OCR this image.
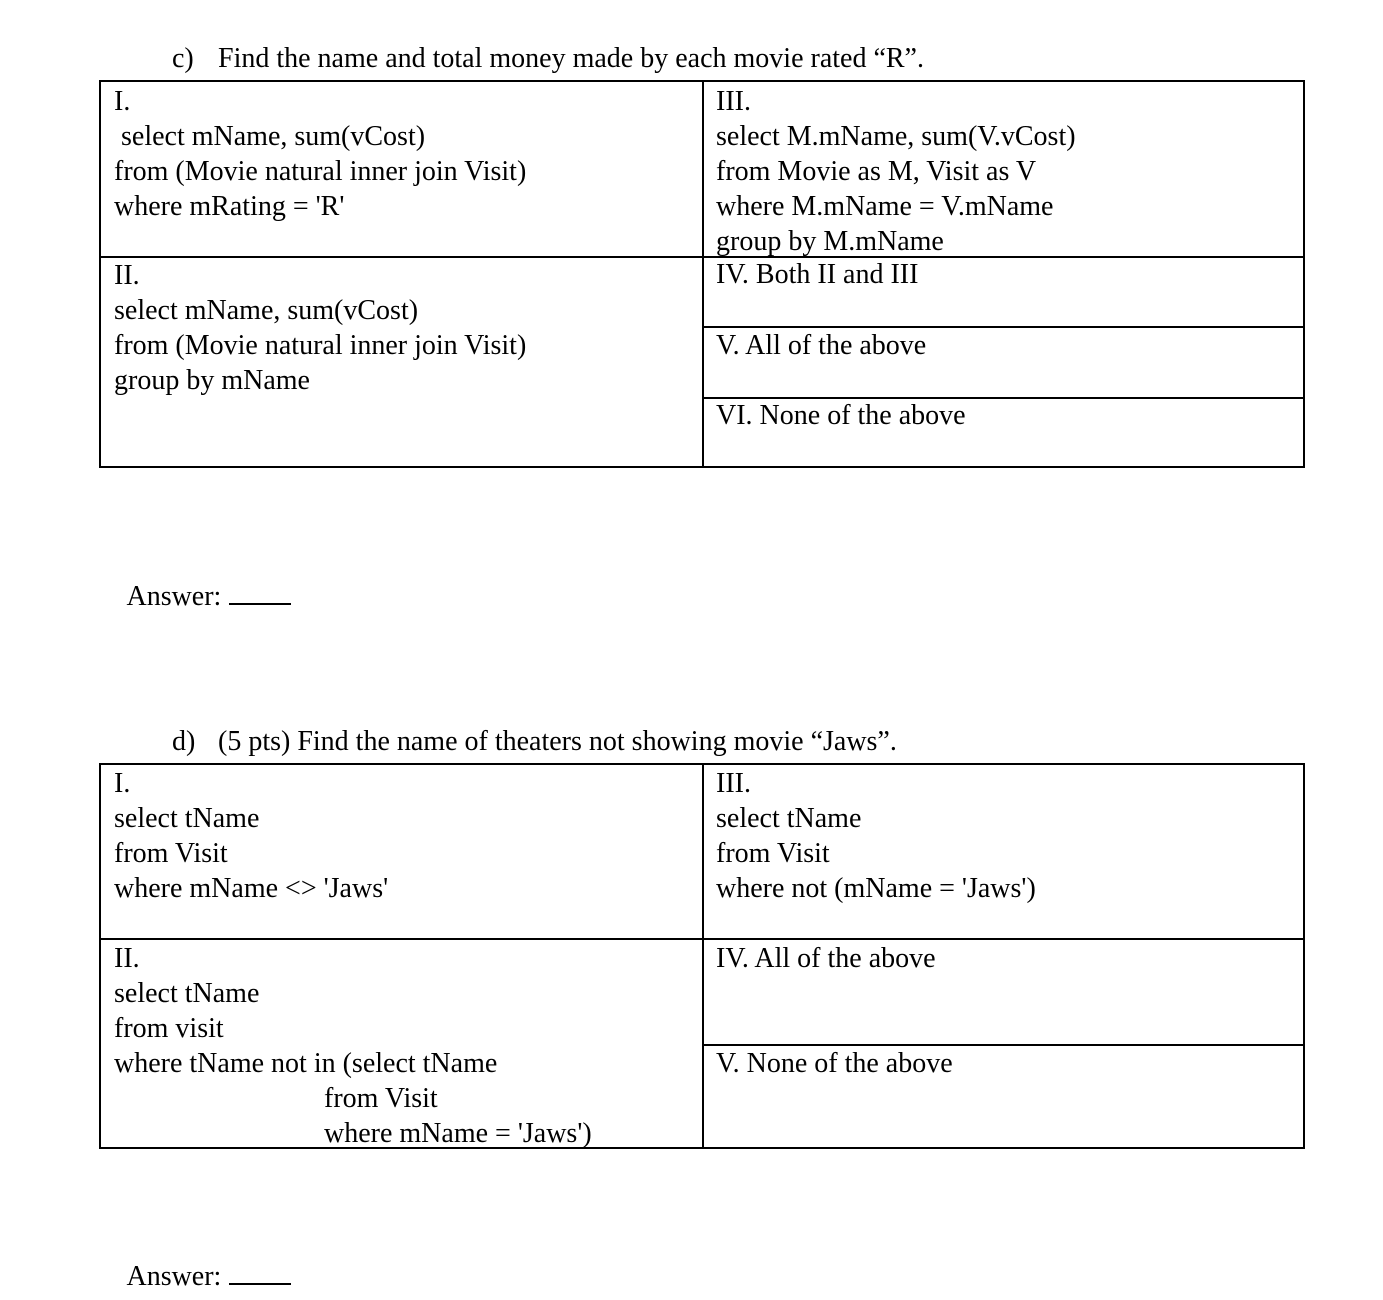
c) Find the name and total money made by each movie rated “R”.

I.
select mName, sum(vCost)
from (Movie natural inner join Visit)
where mRating = 'R'
II.
select mName, sum(vCost)
from (Movie natural inner join Visit)
group by mName
III.
select M.mName, sum(V.vCost)
from Movie as M, Visit as V
where M.mName = V.mName
group by M.mName
IV. Both II and III
V. All of the above
VI. None of the above

Answer:

d) (5 pts) Find the name of theaters not showing movie “Jaws”.

I.
select tName
from Visit
where mName <> 'Jaws'
II.
select tName
from visit
where tName not in (select tName
from Visit
where mName = 'Jaws')
III.
select tName
from Visit
where not (mName = 'Jaws')
IV. All of the above
V. None of the above

Answer:
